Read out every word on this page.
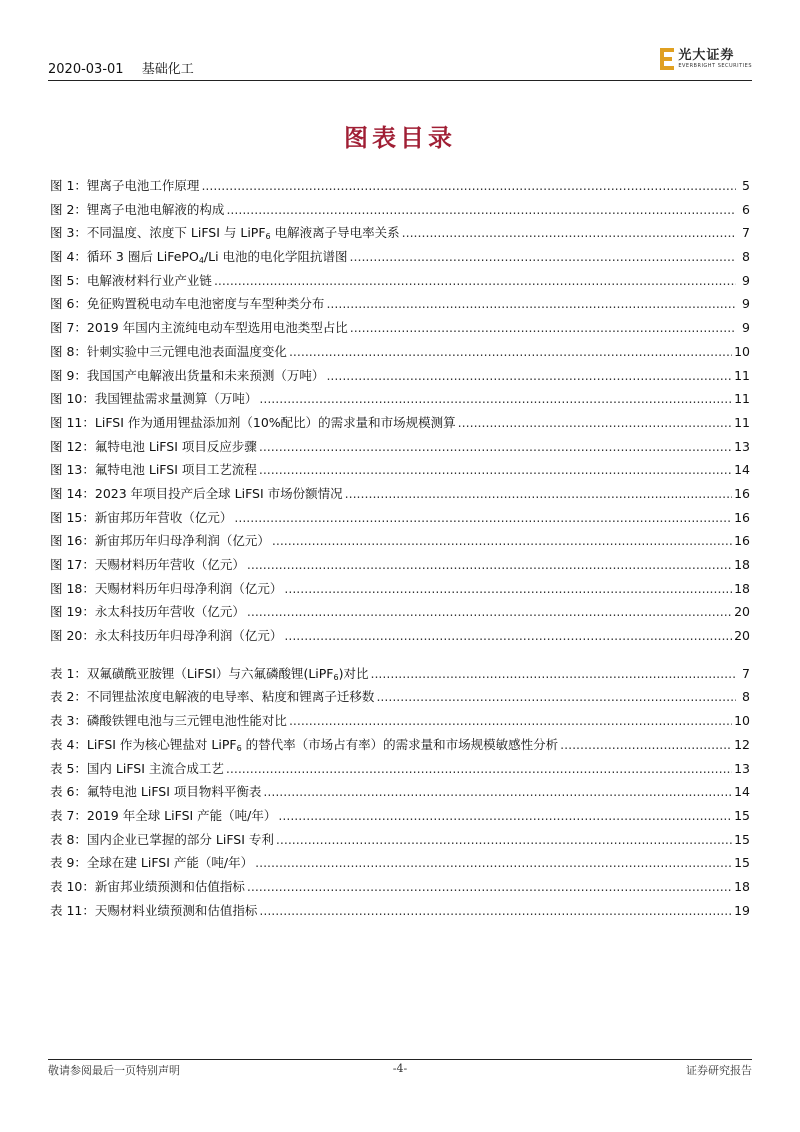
2020-03-01 基础化工
光大证券
EVERBRIGHT SECURITIES
图表目录
图 1：锂离子电池工作原理 .....	5
图 2：锂离子电池电解液的构成 .....	6
图 3：不同温度、浓度下 LiFSI 与 LiPF$_6$ 电解液离子导电率关系 .....	7
图 4：循环 3 圈后 LiFePO$_4$/Li 电池的电化学阻抗谱图 .....	8
图 5：电解液材料行业产业链 .....	9
图 6：免征购置税电动车电池密度与车型种类分布 .....	9
图 7：2019 年国内主流纯电动车型选用电池类型占比 .....	9
图 8：针刺实验中三元锂电池表面温度变化 .....	10
图 9：我国国产电解液出货量和未来预测（万吨） .....	11
图 10：我国锂盐需求量测算（万吨） .....	11
图 11：LiFSI 作为通用锂盐添加剂（10%配比）的需求量和市场规模测算 .....	11
图 12：氟特电池 LiFSI 项目反应步骤 .....	13
图 13：氟特电池 LiFSI 项目工艺流程 .....	14
图 14：2023 年项目投产后全球 LiFSI 市场份额情况 .....	16
图 15：新宙邦历年营收（亿元） .....	16
图 16：新宙邦历年归母净利润（亿元） .....	16
图 17：天赐材料历年营收（亿元） .....	18
图 18：天赐材料历年归母净利润（亿元） .....	18
图 19：永太科技历年营收（亿元） .....	20
图 20：永太科技历年归母净利润（亿元） .....	20
表 1：双氟磺酰亚胺锂（LiFSI）与六氟磷酸锂(LiPF$_6$)对比 .....	7
表 2：不同锂盐浓度电解液的电导率、粘度和锂离子迁移数 .....	8
表 3：磷酸铁锂电池与三元锂电池性能对比 .....	10
表 4：LiFSI 作为核心锂盐对 LiPF$_6$ 的替代率（市场占有率）的需求量和市场规模敏感性分析 .....	12
表 5：国内 LiFSI 主流合成工艺 .....	13
表 6：氟特电池 LiFSI 项目物料平衡表 .....	14
表 7：2019 年全球 LiFSI 产能（吨/年） .....	15
表 8：国内企业已掌握的部分 LiFSI 专利 .....	15
表 9：全球在建 LiFSI 产能（吨/年） .....	15
表 10：新宙邦业绩预测和估值指标 .....	18
表 11：天赐材料业绩预测和估值指标 .....	19
敬请参阅最后一页特别声明	-4-	证券研究报告
